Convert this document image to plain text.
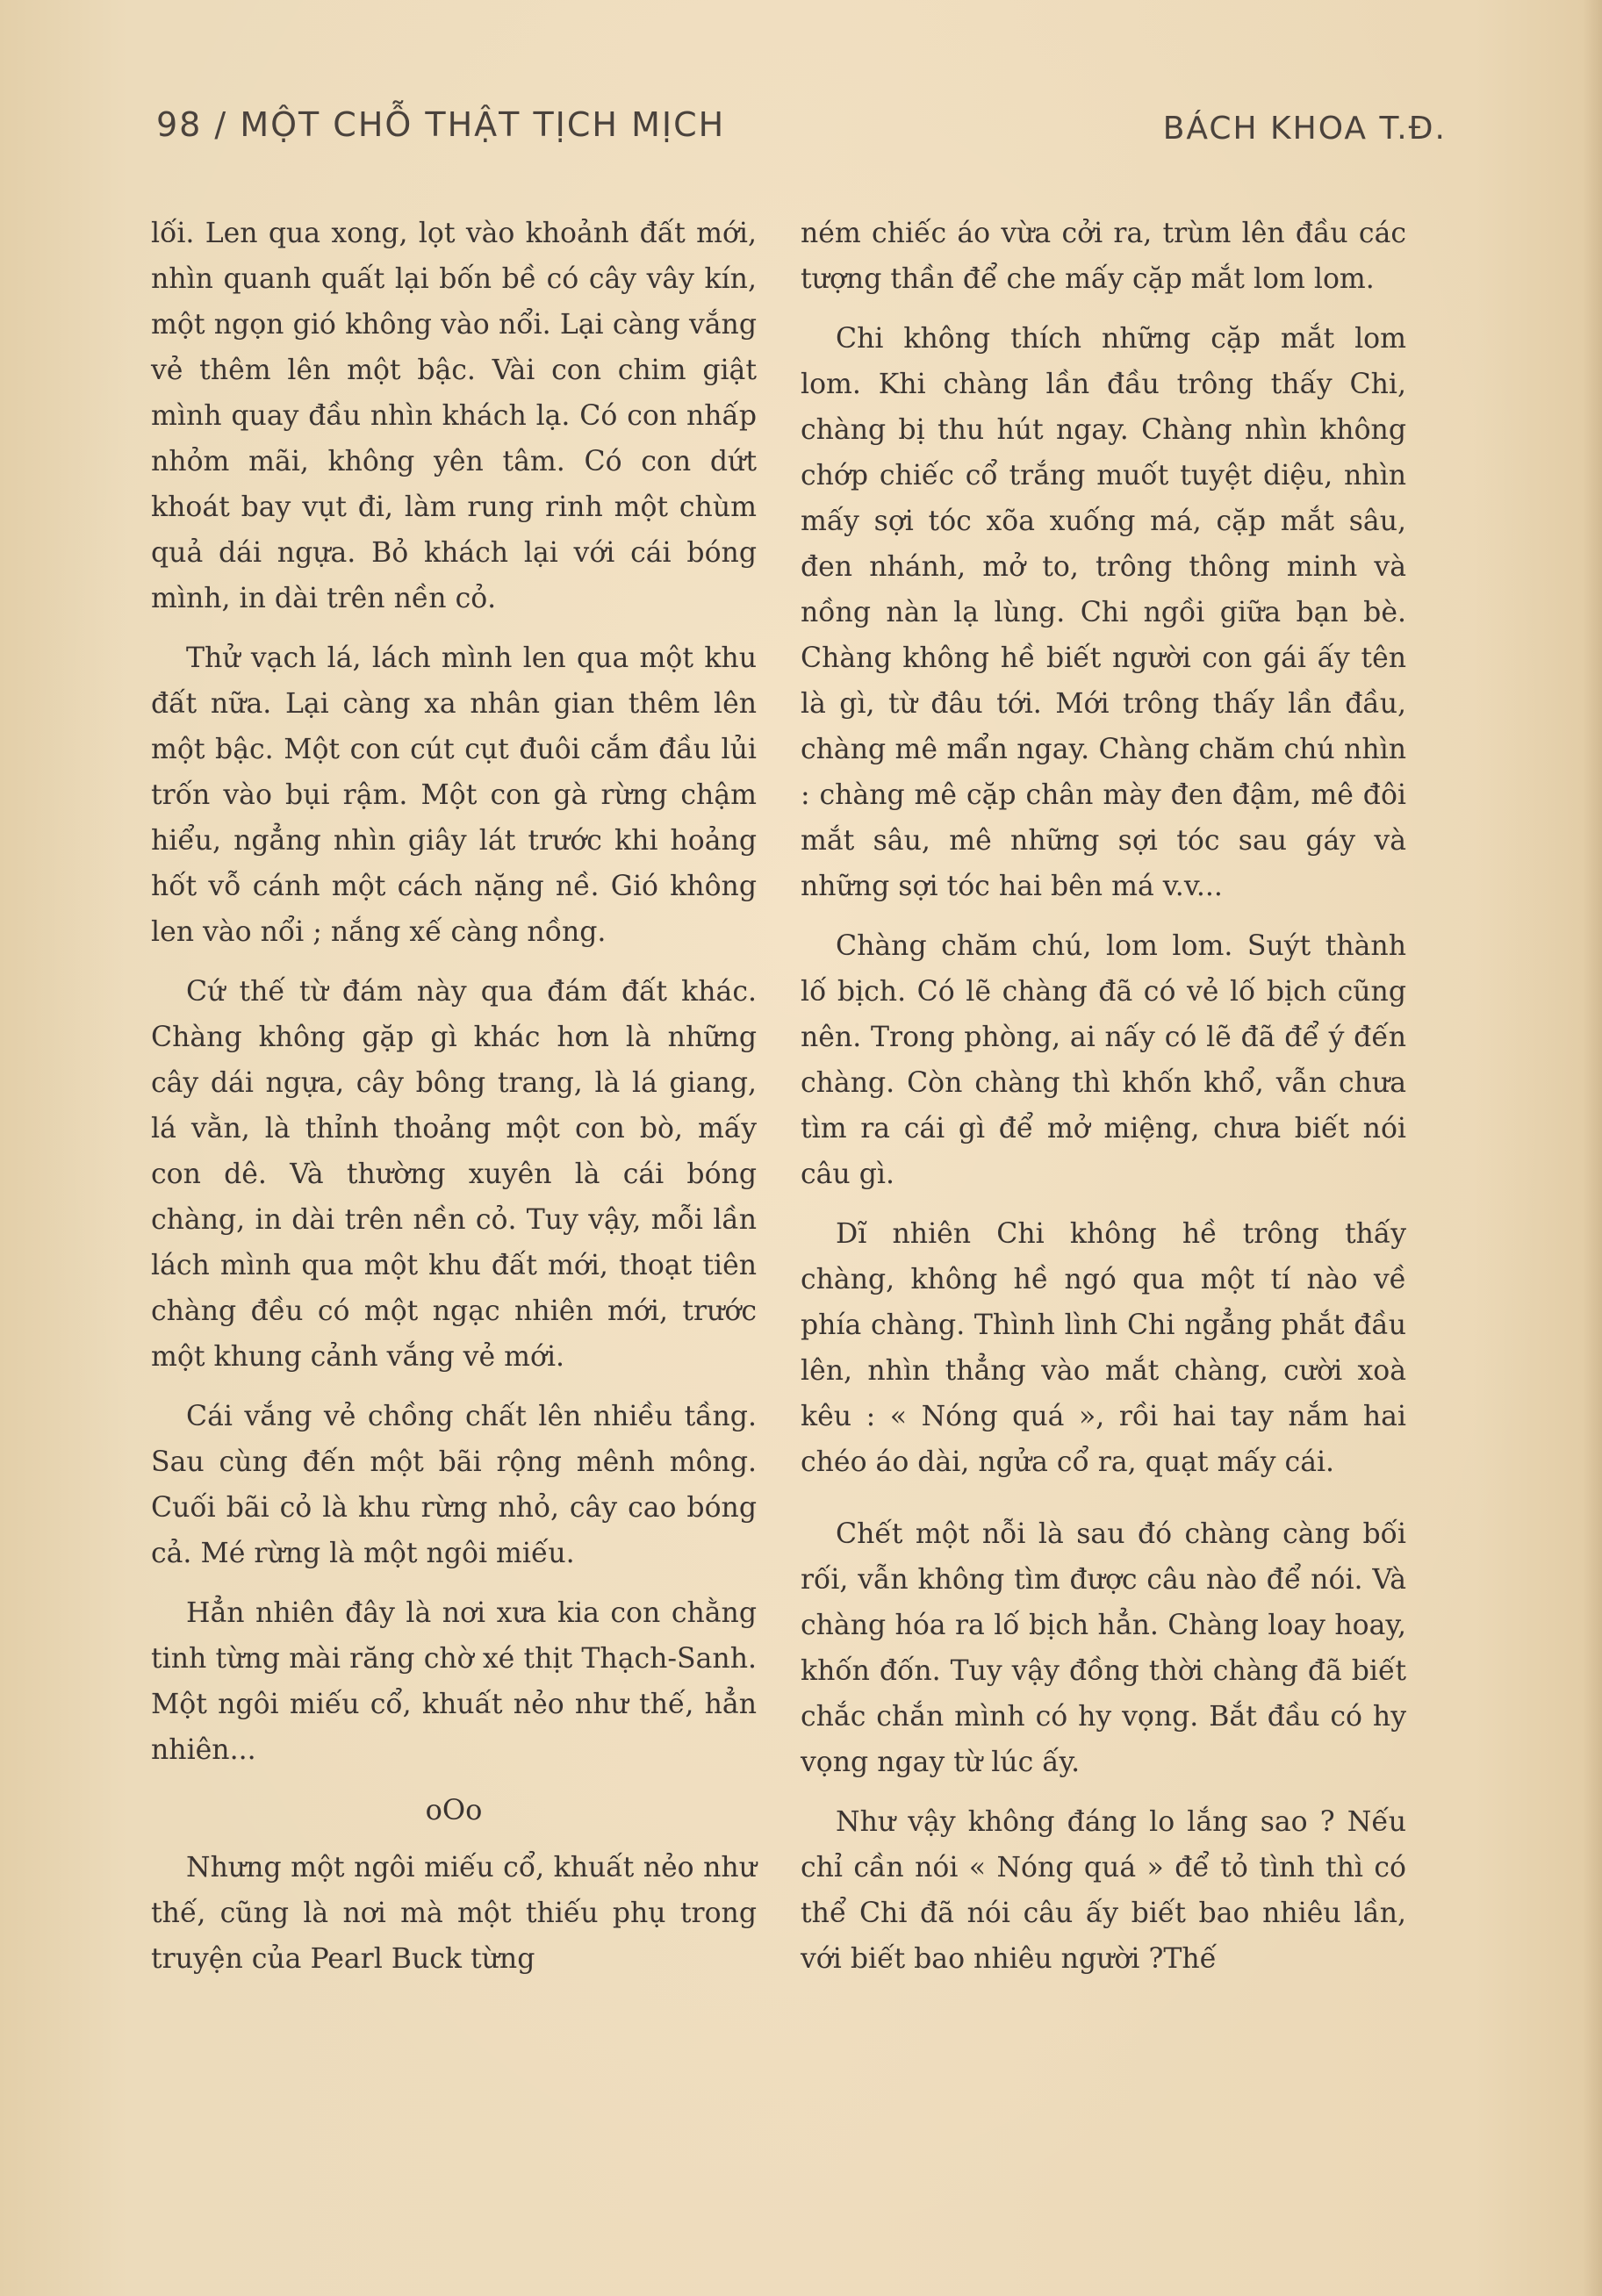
98 / MỘT CHỖ THẬT TỊCH MỊCH	BÁCH KHOA T.Đ.

lối. Len qua xong, lọt vào khoảnh đất mới, nhìn quanh quất lại bốn bề có cây vây kín, một ngọn gió không vào nổi. Lại càng vắng vẻ thêm lên một bậc. Vài con chim giật mình quay đầu nhìn khách lạ. Có con nhấp nhỏm mãi, không yên tâm. Có con dứt khoát bay vụt đi, làm rung rinh một chùm quả dái ngựa. Bỏ khách lại với cái bóng mình, in dài trên nền cỏ.

Thử vạch lá, lách mình len qua một khu đất nữa. Lại càng xa nhân gian thêm lên một bậc. Một con cút cụt đuôi cắm đầu lủi trốn vào bụi rậm. Một con gà rừng chậm hiểu, ngẳng nhìn giây lát trước khi hoảng hốt vỗ cánh một cách nặng nề. Gió không len vào nổi ; nắng xế càng nồng.

Cứ thế từ đám này qua đám đất khác. Chàng không gặp gì khác hơn là những cây dái ngựa, cây bông trang, là lá giang, lá vằn, là thỉnh thoảng một con bò, mấy con dê. Và thường xuyên là cái bóng chàng, in dài trên nền cỏ. Tuy vậy, mỗi lần lách mình qua một khu đất mới, thoạt tiên chàng đều có một ngạc nhiên mới, trước một khung cảnh vắng vẻ mới.

Cái vắng vẻ chồng chất lên nhiều tầng. Sau cùng đến một bãi rộng mênh mông. Cuối bãi cỏ là khu rừng nhỏ, cây cao bóng cả. Mé rừng là một ngôi miếu.

Hẳn nhiên đây là nơi xưa kia con chằng tinh từng mài răng chờ xé thịt Thạch-Sanh. Một ngôi miếu cổ, khuất nẻo như thế, hẳn nhiên...

oOo

Nhưng một ngôi miếu cổ, khuất nẻo như thế, cũng là nơi mà một thiếu phụ trong truyện của Pearl Buck từng

ném chiếc áo vừa cởi ra, trùm lên đầu các tượng thần để che mấy cặp mắt lom lom.

Chi không thích những cặp mắt lom lom. Khi chàng lần đầu trông thấy Chi, chàng bị thu hút ngay. Chàng nhìn không chớp chiếc cổ trắng muốt tuyệt diệu, nhìn mấy sợi tóc xõa xuống má, cặp mắt sâu, đen nhánh, mở to, trông thông minh và nồng nàn lạ lùng. Chi ngồi giữa bạn bè. Chàng không hề biết người con gái ấy tên là gì, từ đâu tới. Mới trông thấy lần đầu, chàng mê mẩn ngay. Chàng chăm chú nhìn : chàng mê cặp chân mày đen đậm, mê đôi mắt sâu, mê những sợi tóc sau gáy và những sợi tóc hai bên má v.v...

Chàng chăm chú, lom lom. Suýt thành lố bịch. Có lẽ chàng đã có vẻ lố bịch cũng nên. Trong phòng, ai nấy có lẽ đã để ý đến chàng. Còn chàng thì khốn khổ, vẫn chưa tìm ra cái gì để mở miệng, chưa biết nói câu gì.

Dĩ nhiên Chi không hề trông thấy chàng, không hề ngó qua một tí nào về phía chàng. Thình lình Chi ngẳng phắt đầu lên, nhìn thẳng vào mắt chàng, cười xoà kêu : « Nóng quá », rồi hai tay nắm hai chéo áo dài, ngửa cổ ra, quạt mấy cái.

Chết một nỗi là sau đó chàng càng bối rối, vẫn không tìm được câu nào để nói. Và chàng hóa ra lố bịch hẳn. Chàng loay hoay, khốn đốn. Tuy vậy đồng thời chàng đã biết chắc chắn mình có hy vọng. Bắt đầu có hy vọng ngay từ lúc ấy.

Như vậy không đáng lo lắng sao ? Nếu chỉ cần nói « Nóng quá » để tỏ tình thì có thể Chi đã nói câu ấy biết bao nhiêu lần, với biết bao nhiêu người ?Thế
